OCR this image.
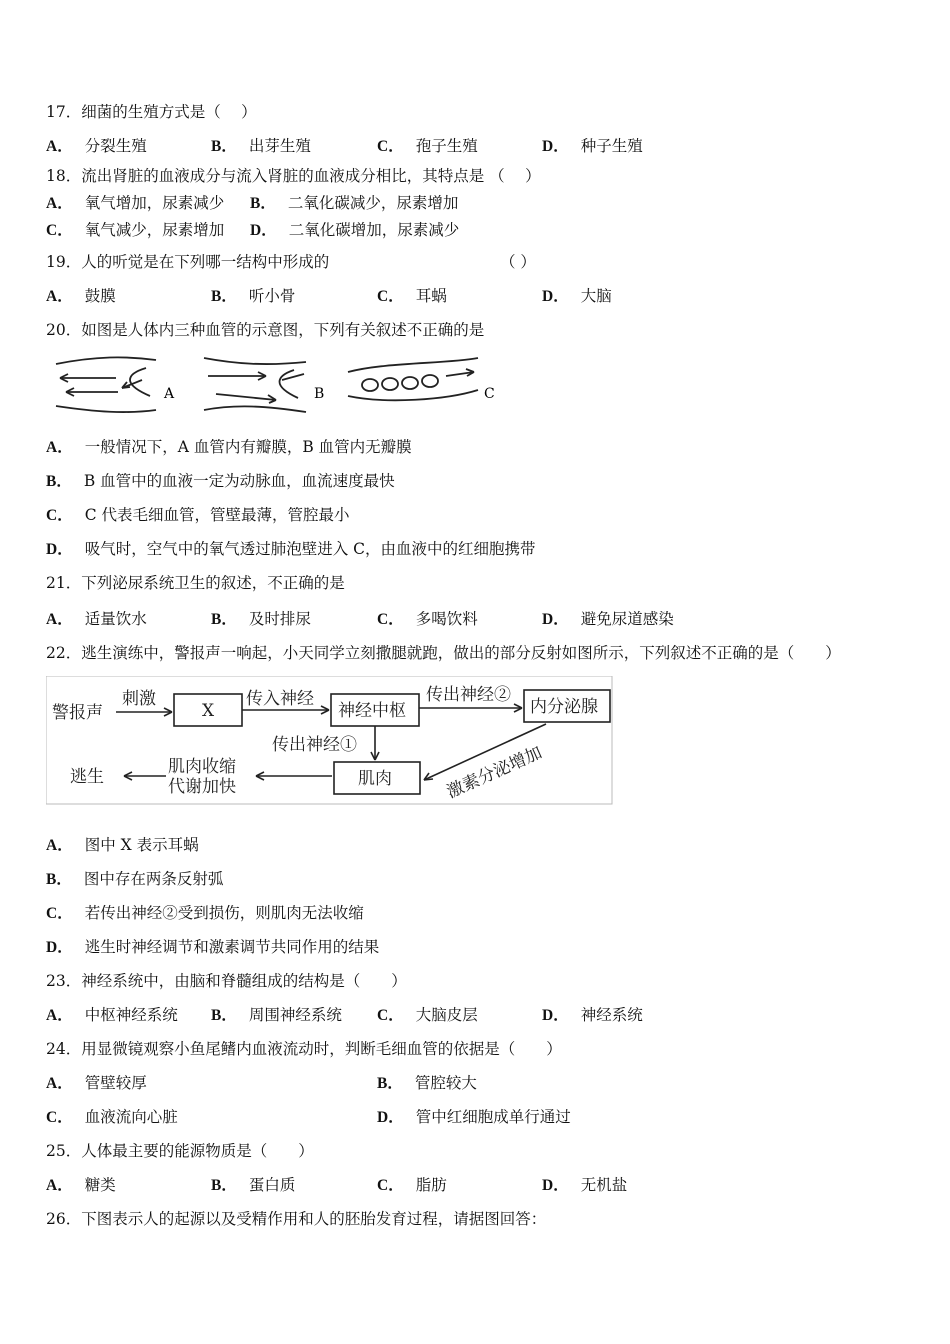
17．细菌的生殖方式是（　 ）
A． 分裂生殖	B． 出芽生殖	C． 孢子生殖	D． 种子生殖
18．流出肾脏的血液成分与流入肾脏的血液成分相比，其特点是 （　 ）
A． 氧气增加，尿素减少 B． 二氧化碳减少，尿素增加
C． 氧气减少，尿素增加 D． 二氧化碳增加，尿素减少
19．人的听觉是在下列哪一结构中形成的	（ ）
A． 鼓膜	B． 听小骨	C． 耳蜗	D． 大脑
20．如图是人体内三种血管的示意图，下列有关叙述不正确的是
A	B	C
A． 一般情况下，A 血管内有瓣膜，B 血管内无瓣膜
B． B 血管中的血液一定为动脉血，血流速度最快
C． C 代表毛细血管，管壁最薄，管腔最小
D． 吸气时，空气中的氧气透过肺泡壁进入 C，由血液中的红细胞携带
21．下列泌尿系统卫生的叙述，不正确的是
A． 适量饮水	B． 及时排尿	C． 多喝饮料	D． 避免尿道感染
22．逃生演练中，警报声一响起，小天同学立刻撒腿就跑，做出的部分反射如图所示，下列叙述不正确的是（　　）
警报声
刺激
X
传入神经
神经中枢
传出神经②
内分泌腺
传出神经①
肌肉
肌肉收缩
代谢加快
逃生	激素分泌增加
A． 图中 X 表示耳蜗
B． 图中存在两条反射弧
C． 若传出神经②受到损伤，则肌肉无法收缩
D． 逃生时神经调节和激素调节共同作用的结果
23．神经系统中，由脑和脊髓组成的结构是（　　）
A． 中枢神经系统 B． 周围神经系统 C． 大脑皮层	D． 神经系统
24．用显微镜观察小鱼尾鳍内血液流动时，判断毛细血管的依据是（　　）
A． 管壁较厚	B． 管腔较大
C． 血液流向心脏	D． 管中红细胞成单行通过
25．人体最主要的能源物质是（　　）
A． 糖类	B． 蛋白质	C． 脂肪	D． 无机盐
26．下图表示人的起源以及受精作用和人的胚胎发育过程，请据图回答：
